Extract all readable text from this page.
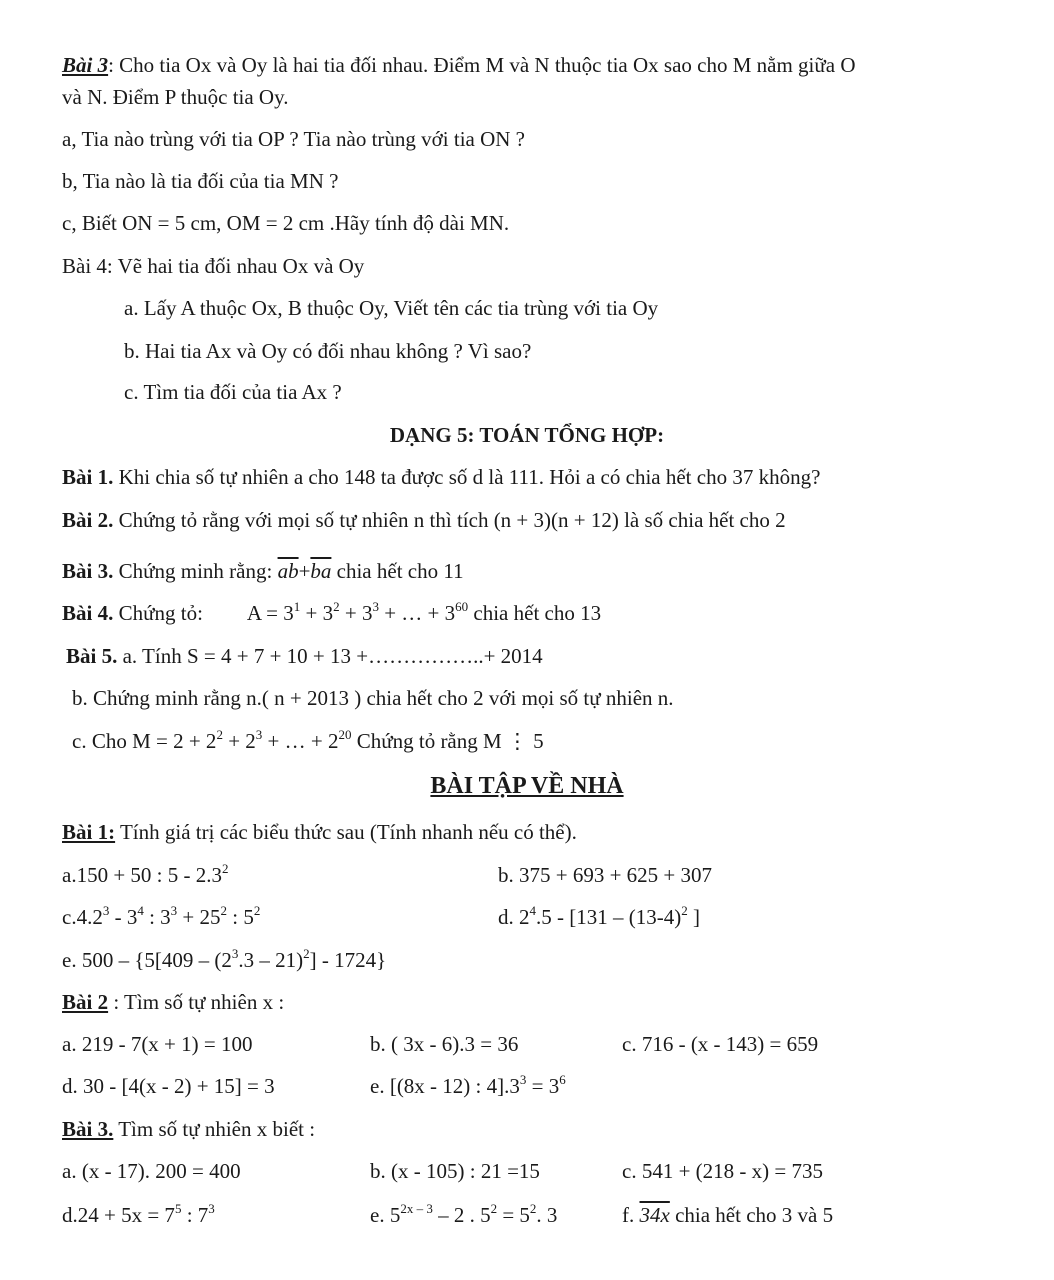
Bài 3: Cho tia Ox và Oy là hai tia đối nhau. Điểm M và N thuộc tia Ox sao cho M nằm giữa O
và N. Điểm P thuộc tia Oy.
a, Tia nào trùng với tia OP ? Tia nào trùng với tia ON ?
b, Tia nào là tia đối của tia MN ?
c, Biết ON = 5 cm, OM = 2 cm .Hãy tính độ dài MN.
Bài 4: Vẽ hai tia đối nhau Ox và Oy
a. Lấy A thuộc Ox, B thuộc Oy, Viết tên các tia trùng với tia Oy
b. Hai tia Ax và Oy có đối nhau không ? Vì sao?
c. Tìm tia đối của tia Ax ?
DẠNG 5: TOÁN TỔNG HỢP:
Bài 1. Khi chia số tự nhiên a cho 148 ta được số d là 111. Hỏi a có chia hết cho 37 không?
Bài 2. Chứng tỏ rằng với mọi số tự nhiên n thì tích (n + 3)(n + 12) là số chia hết cho 2
Bài 3. Chứng minh rằng: $\overline{ab}+\overline{ba}$ chia hết cho 11
Bài 4. Chứng tỏ: $A = 3^1 + 3^2 + 3^3$ + … + $3^{60}$ chia hết cho 13
Bài 5. a. Tính S = 4 + 7 + 10 + 13 +……………..+ 2014
b. Chứng minh rằng n.( n + 2013 ) chia hết cho 2 với mọi số tự nhiên n.
c. Cho $M = 2 + 2^2 + 2^3$ + … + $2^{20}$ Chứng tỏ rằng M ⋮ 5
BÀI TẬP VỀ NHÀ
Bài 1: Tính giá trị các biểu thức sau (Tính nhanh nếu có thể).
a.150 + 50 : $5 - 2.3^2$	b. 375 + 693 + 625 + 307
$c.4.2^3 - 3^4$ : $3^3 + 25^2$ : $5^2$	d. $2^4.5 - [131 - (13-4)^2$ ]
e. $500 - \{5[409 - (2^3.3 - 21)^2] - 1724\}$
Bài 2 : Tìm số tự nhiên x :
a. 219 - 7(x + 1) = 100	b. ( 3x - 6).3 = 36	c. 716 - (x - 143) = 659
d. 30 - [4(x - 2) + 15] = 3	e. [(8x - 12) : $4].3^3 = 3^6$
Bài 3. Tìm số tự nhiên x biết :
a. (x - 17). 200 = 400	b. (x - 105) : 21 =15	c. 541 + (218 - x) = 735
$d.24 + 5x = 7^5$ : $7^3$	e. $5^{2x - 3} - 2$ . $5^2 = 5^2$. 3	f. 34x chia hết cho 3 và 5
